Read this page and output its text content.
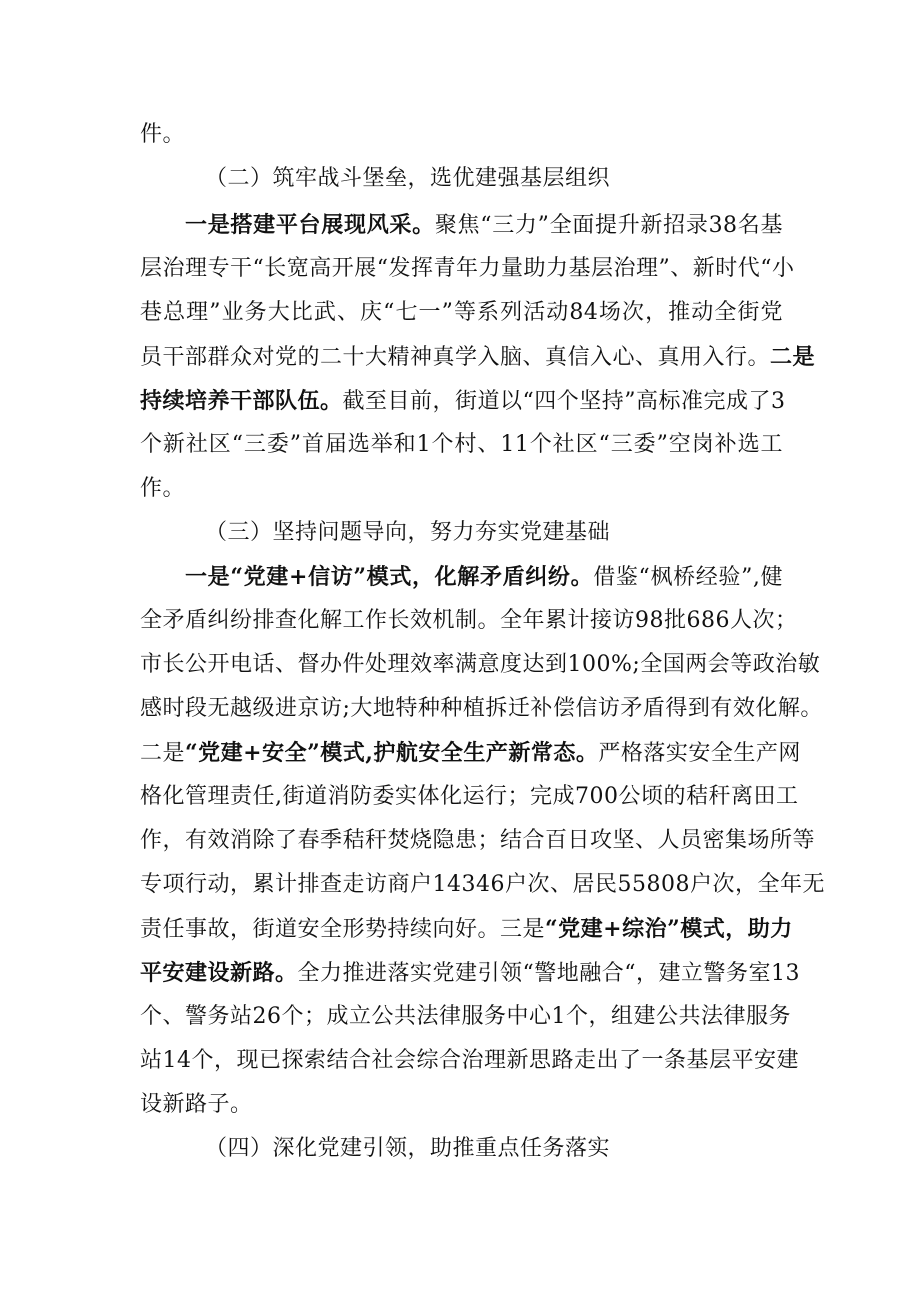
件。
（二）筑牢战斗堡垒，选优建强基层组织
一是搭建平台展现风采。聚焦“三力”全面提升新招录38名基
层治理专干“长宽高开展“发挥青年力量助力基层治理”、新时代“小
巷总理”业务大比武、庆“七一”等系列活动84场次，推动全街党
员干部群众对党的二十大精神真学入脑、真信入心、真用入行。二是
持续培养干部队伍。截至目前，街道以“四个坚持”高标准完成了3
个新社区“三委”首届选举和1个村、11个社区“三委”空岗补选工
作。
（三）坚持问题导向，努力夯实党建基础
一是“党建+信访”模式，化解矛盾纠纷。借鉴“枫桥经验”,健
全矛盾纠纷排查化解工作长效机制。全年累计接访98批686人次；
市长公开电话、督办件处理效率满意度达到100%;全国两会等政治敏
感时段无越级进京访;大地特种种植拆迁补偿信访矛盾得到有效化解。
二是“党建+安全”模式,护航安全生产新常态。严格落实安全生产网
格化管理责任,街道消防委实体化运行；完成700公顷的秸秆离田工
作，有效消除了春季秸秆焚烧隐患；结合百日攻坚、人员密集场所等
专项行动，累计排查走访商户14346户次、居民55808户次，全年无
责任事故，街道安全形势持续向好。三是“党建+综治”模式，助力
平安建设新路。全力推进落实党建引领“警地融合“，建立警务室13
个、警务站26个；成立公共法律服务中心1个，组建公共法律服务
站14个，现已探索结合社会综合治理新思路走出了一条基层平安建
设新路子。
（四）深化党建引领，助推重点任务落实
